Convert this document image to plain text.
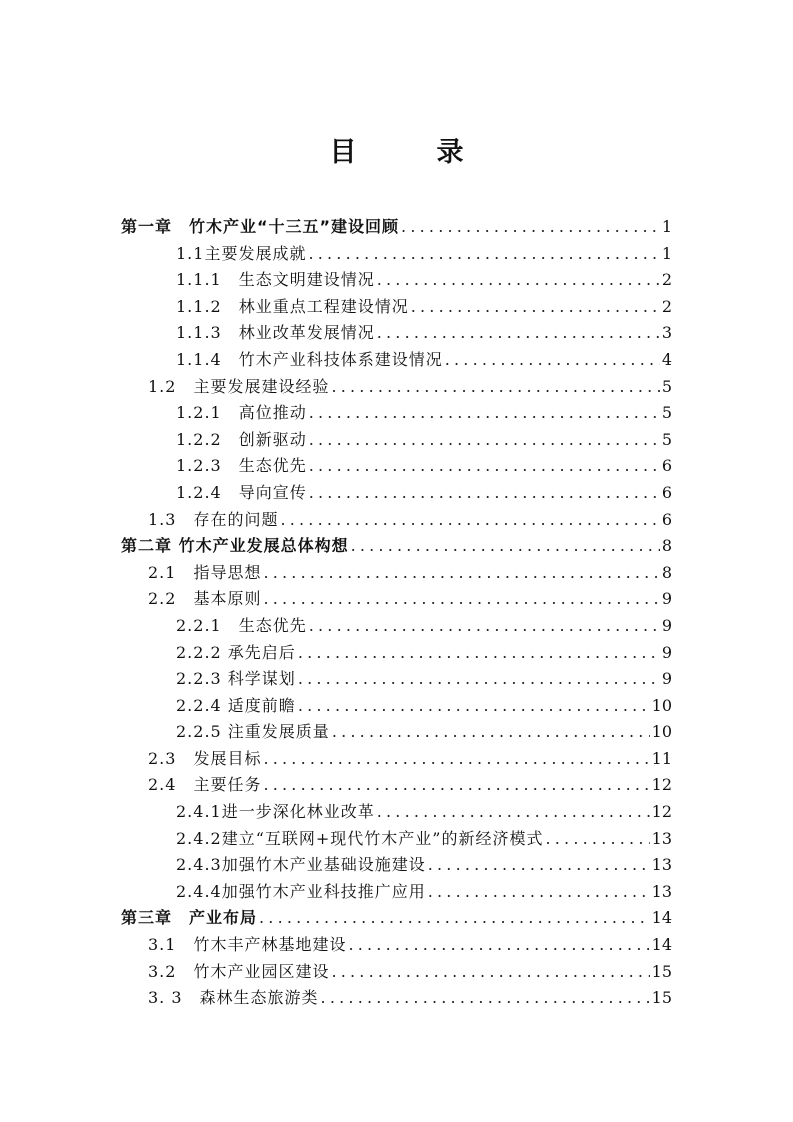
目	录
第一章　竹木产业“十三五”建设回顾 .....	1
1.1主要发展成就 .....	1
1.1.1　生态文明建设情况 .....	2
1.1.2　林业重点工程建设情况 .....	2
1.1.3　林业改革发展情况 .....	3
1.1.4　竹木产业科技体系建设情况 .....	4
1.2　主要发展建设经验 .....	5
1.2.1　高位推动 .....	5
1.2.2　创新驱动 .....	5
1.2.3　生态优先 .....	6
1.2.4　导向宣传 .....	6
1.3　存在的问题 .....	6
第二章 竹木产业发展总体构想 .....	8
2.1　指导思想 .....	8
2.2　基本原则 .....	9
2.2.1　生态优先 .....	9
2.2.2 承先启后 .....	9
2.2.3 科学谋划 .....	9
2.2.4 适度前瞻 .....	10
2.2.5 注重发展质量 .....	10
2.3　发展目标 .....	11
2.4　主要任务 .....	12
2.4.1进一步深化林业改革 .....	12
2.4.2建立“互联网+现代竹木产业”的新经济模式 .....	13
2.4.3加强竹木产业基础设施建设 .....	13
2.4.4加强竹木产业科技推广应用 .....	13
第三章　产业布局 .....	14
3.1　竹木丰产林基地建设 .....	14
3.2　竹木产业园区建设 .....	15
3. 3　森林生态旅游类 .....	15
